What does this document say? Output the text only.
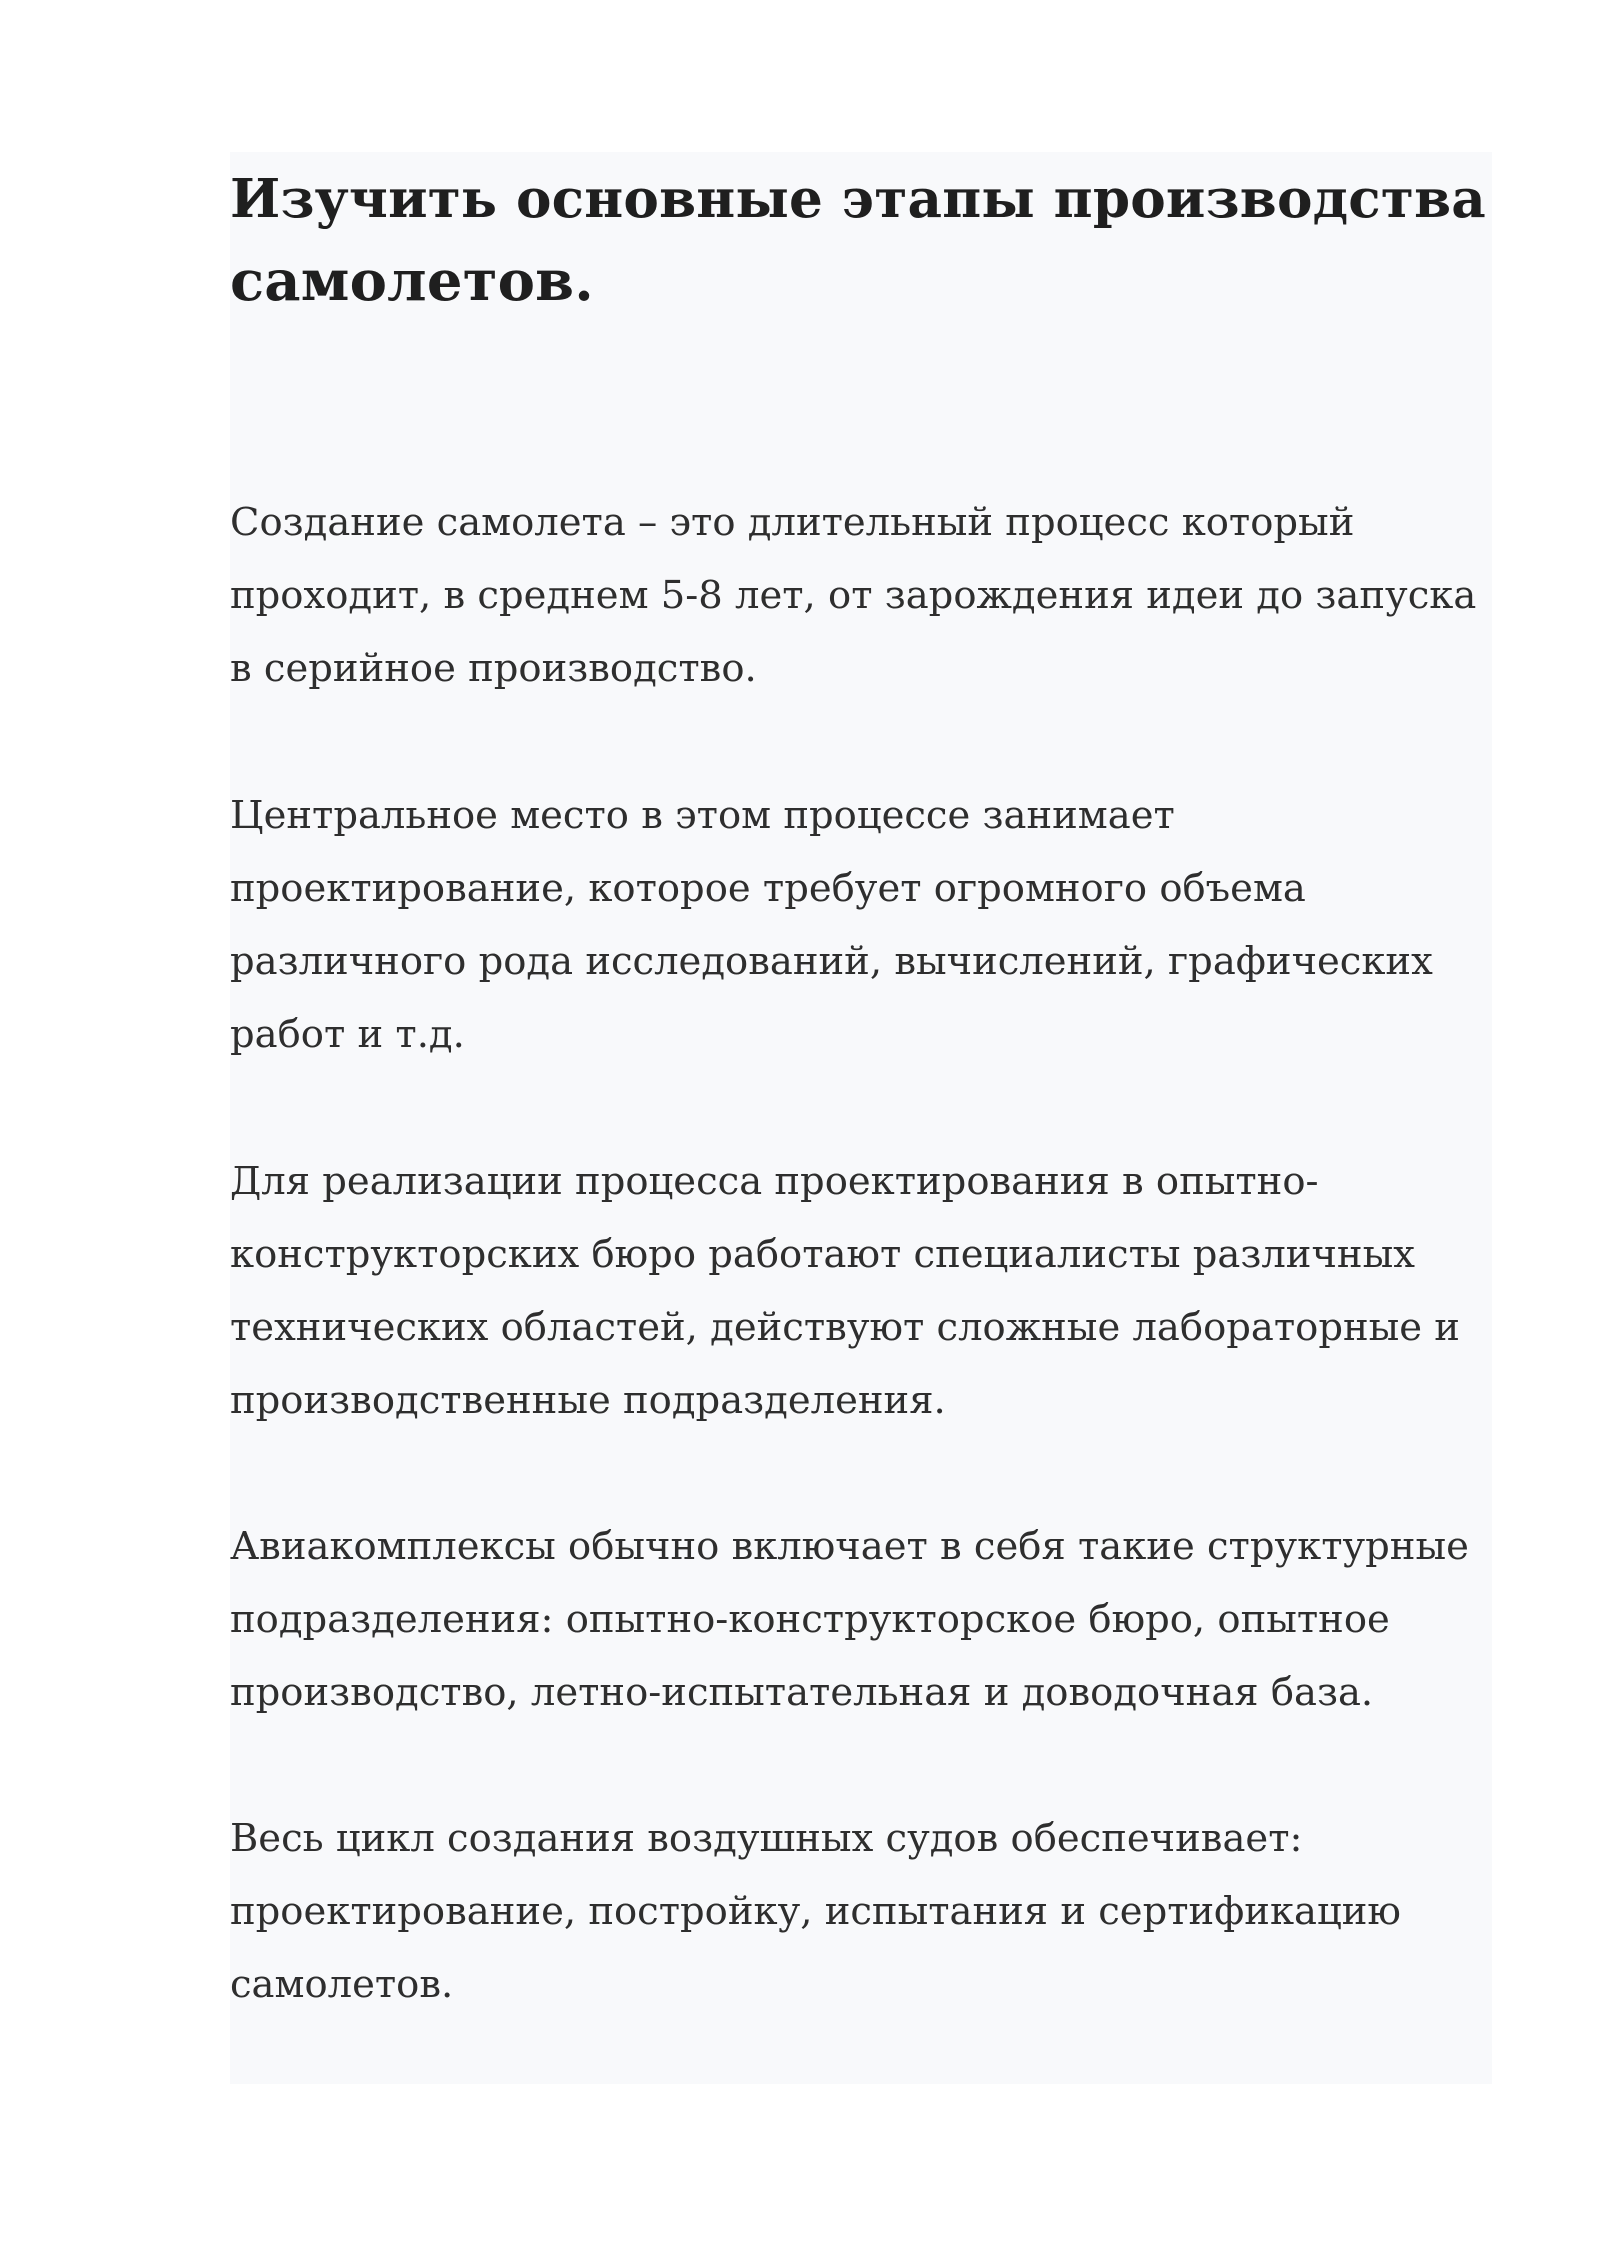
Изучить основные этапы производства
самолетов.

Создание самолета – это длительный процесс который
проходит, в среднем 5-8 лет, от зарождения идеи до запуска
в серийное производство.

Центральное место в этом процессе занимает
проектирование, которое требует огромного объема
различного рода исследований, вычислений, графических
работ и т.д.

Для реализации процесса проектирования в опытно-
конструкторских бюро работают специалисты различных
технических областей, действуют сложные лабораторные и
производственные подразделения.

Авиакомплексы обычно включает в себя такие структурные
подразделения: опытно-конструкторское бюро, опытное
производство, летно-испытательная и доводочная база.

Весь цикл создания воздушных судов обеспечивает:
проектирование, постройку, испытания и сертификацию
самолетов.
